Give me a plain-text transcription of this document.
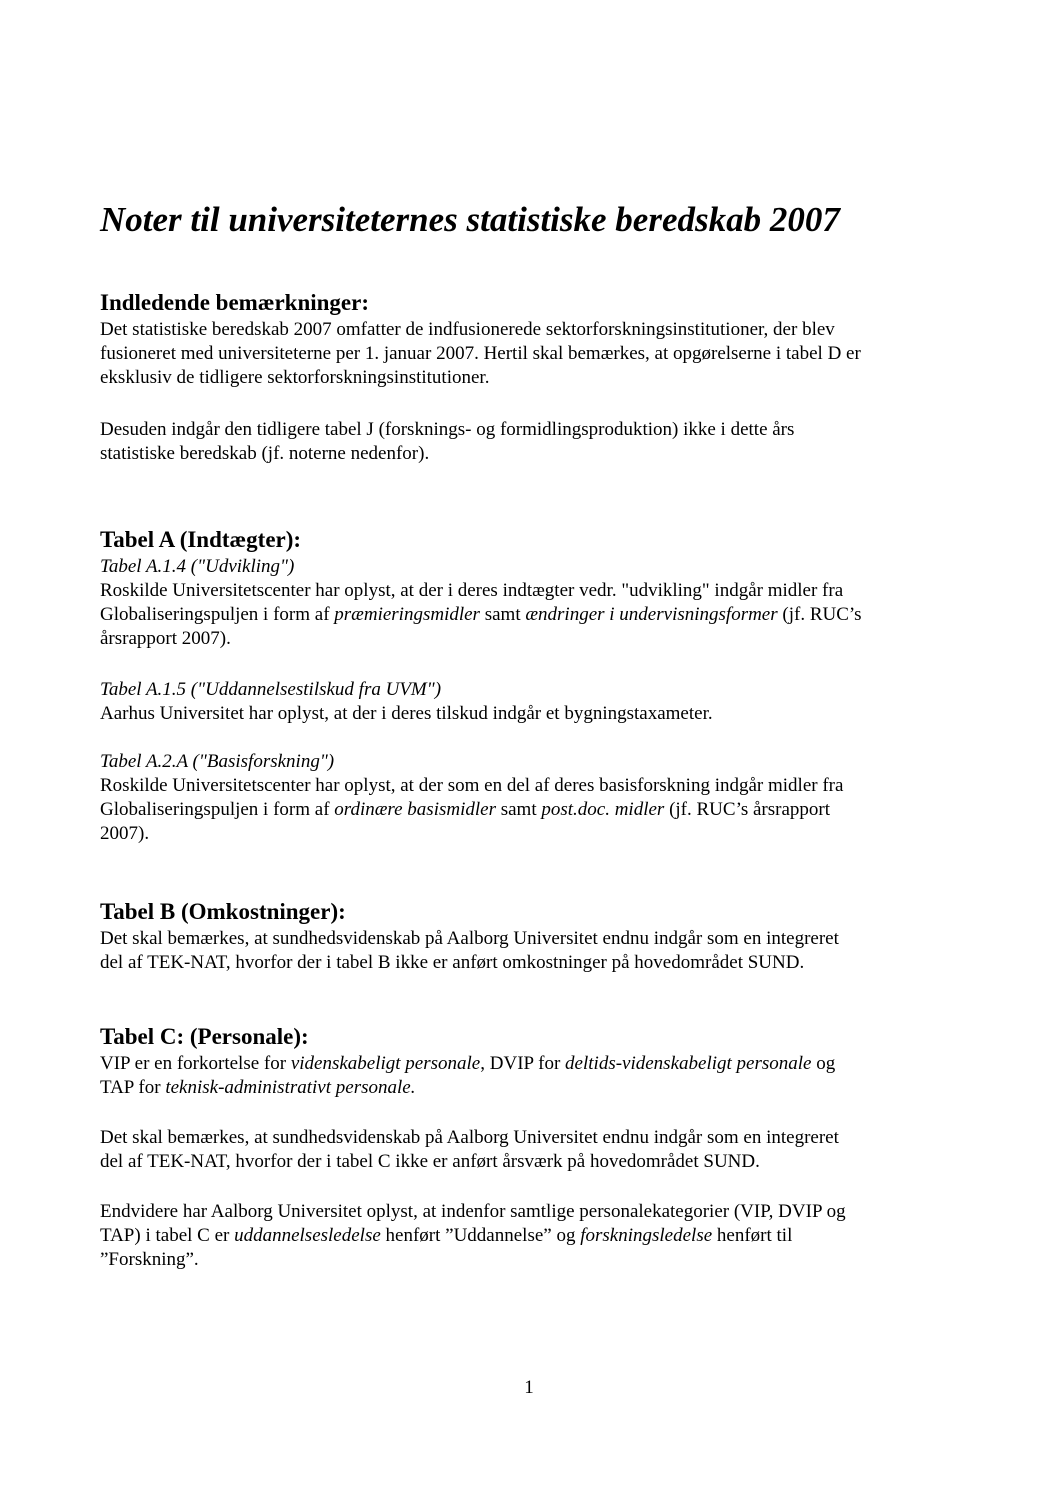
Noter til universiteternes statistiske beredskab 2007
Indledende bemærkninger:
Det statistiske beredskab 2007 omfatter de indfusionerede sektorforskningsinstitutioner, der blev
fusioneret med universiteterne per 1. januar 2007. Hertil skal bemærkes, at opgørelserne i tabel D er
eksklusiv de tidligere sektorforskningsinstitutioner.
Desuden indgår den tidligere tabel J (forsknings- og formidlingsproduktion) ikke i dette års
statistiske beredskab (jf. noterne nedenfor).
Tabel A (Indtægter):
Tabel A.1.4 ("Udvikling")
Roskilde Universitetscenter har oplyst, at der i deres indtægter vedr. "udvikling" indgår midler fra
Globaliseringspuljen i form af præmieringsmidler samt ændringer i undervisningsformer (jf. RUC’s
årsrapport 2007).
Tabel A.1.5 ("Uddannelsestilskud fra UVM")
Aarhus Universitet har oplyst, at der i deres tilskud indgår et bygningstaxameter.
Tabel A.2.A ("Basisforskning")
Roskilde Universitetscenter har oplyst, at der som en del af deres basisforskning indgår midler fra
Globaliseringspuljen i form af ordinære basismidler samt post.doc. midler (jf. RUC’s årsrapport
2007).
Tabel B (Omkostninger):
Det skal bemærkes, at sundhedsvidenskab på Aalborg Universitet endnu indgår som en integreret
del af TEK-NAT, hvorfor der i tabel B ikke er anført omkostninger på hovedområdet SUND.
Tabel C: (Personale):
VIP er en forkortelse for videnskabeligt personale, DVIP for deltids-videnskabeligt personale og
TAP for teknisk-administrativt personale.
Det skal bemærkes, at sundhedsvidenskab på Aalborg Universitet endnu indgår som en integreret
del af TEK-NAT, hvorfor der i tabel C ikke er anført årsværk på hovedområdet SUND.
Endvidere har Aalborg Universitet oplyst, at indenfor samtlige personalekategorier (VIP, DVIP og
TAP) i tabel C er uddannelsesledelse henført ”Uddannelse” og forskningsledelse henført til
”Forskning”.
1
